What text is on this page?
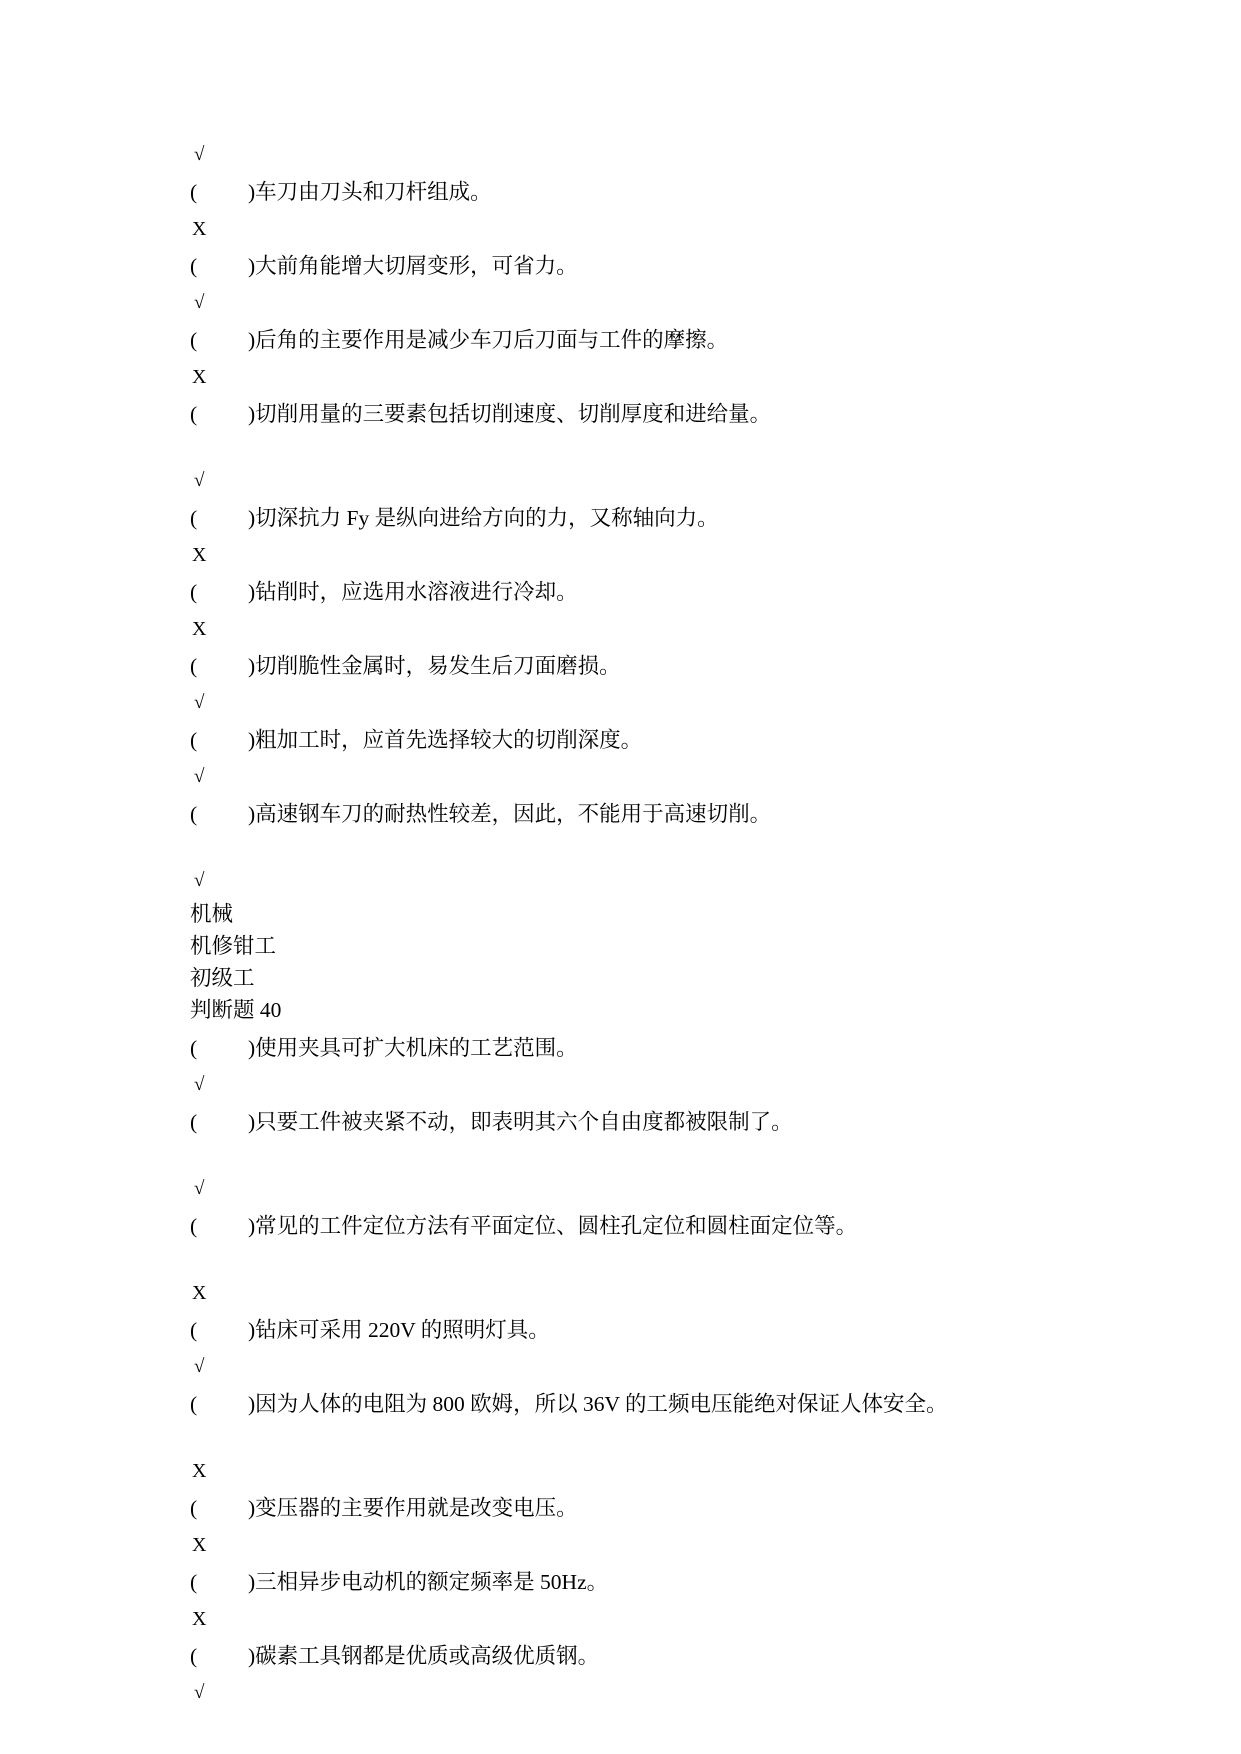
√
( )车刀由刀头和刀杆组成。
X
( )大前角能增大切屑变形，可省力。
√
( )后角的主要作用是减少车刀后刀面与工件的摩擦。
X
( )切削用量的三要素包括切削速度、切削厚度和进给量。
√
( )切深抗力 Fy 是纵向进给方向的力，又称轴向力。
X
( )钻削时，应选用水溶液进行冷却。
X
( )切削脆性金属时，易发生后刀面磨损。
√
( )粗加工时，应首先选择较大的切削深度。
√
( )高速钢车刀的耐热性较差，因此，不能用于高速切削。
√
机械
机修钳工
初级工
判断题 40
( )使用夹具可扩大机床的工艺范围。
√
( )只要工件被夹紧不动，即表明其六个自由度都被限制了。
√
( )常见的工件定位方法有平面定位、圆柱孔定位和圆柱面定位等。
X
( )钻床可采用 220V 的照明灯具。
√
( )因为人体的电阻为 800 欧姆，所以 36V 的工频电压能绝对保证人体安全。
X
( )变压器的主要作用就是改变电压。
X
( )三相异步电动机的额定频率是 50Hz。
X
( )碳素工具钢都是优质或高级优质钢。
√
